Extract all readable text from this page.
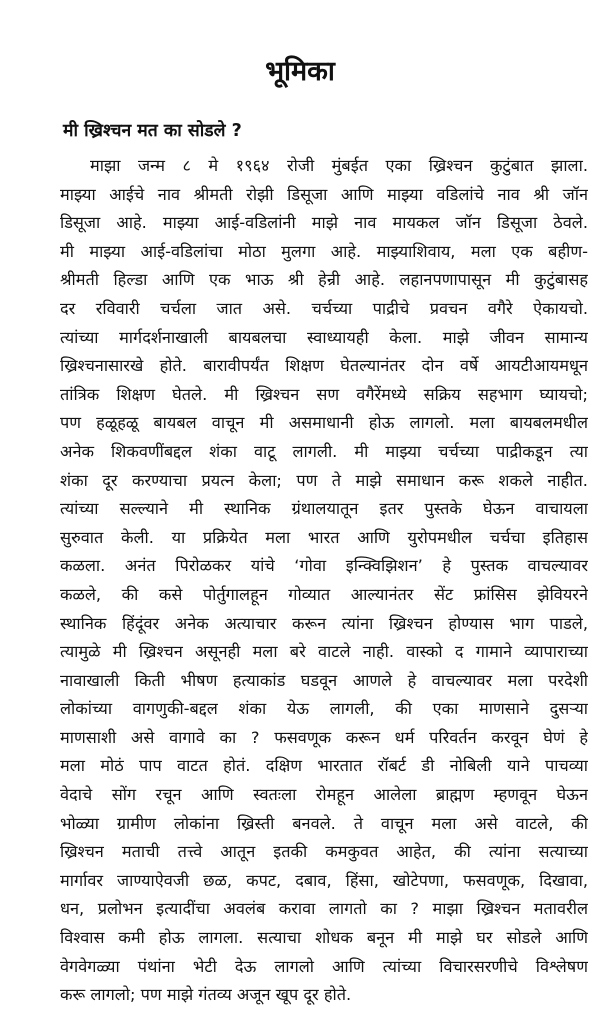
भूमिका
मी ख्रिश्चन मत का सोडले ?
माझा जन्म ८ मे १९६४ रोजी मुंबईत एका ख्रिश्चन कुटुंबात झाला.
माझ्या आईचे नाव श्रीमती रोझी डिसूजा आणि माझ्या वडिलांचे नाव श्री जॉन
डिसूजा आहे. माझ्या आई-वडिलांनी माझे नाव मायकल जॉन डिसूजा ठेवले.
मी माझ्या आई-वडिलांचा मोठा मुलगा आहे. माझ्याशिवाय, मला एक बहीण-
श्रीमती हिल्डा आणि एक भाऊ श्री हेन्री आहे. लहानपणापासून मी कुटुंबासह
दर रविवारी चर्चला जात असे. चर्चच्या पाद्रीचे प्रवचन वगैरे ऐकायचो.
त्यांच्या मार्गदर्शनाखाली बायबलचा स्वाध्यायही केला. माझे जीवन सामान्य
ख्रिश्चनासारखे होते. बारावीपर्यंत शिक्षण घेतल्यानंतर दोन वर्षे आयटीआयमधून
तांत्रिक शिक्षण घेतले. मी ख्रिश्चन सण वगैरेंमध्ये सक्रिय सहभाग घ्यायचो;
पण हळूहळू बायबल वाचून मी असमाधानी होऊ लागलो. मला बायबलमधील
अनेक शिकवणींबद्दल शंका वाटू लागली. मी माझ्या चर्चच्या पाद्रीकडून त्या
शंका दूर करण्याचा प्रयत्न केला; पण ते माझे समाधान करू शकले नाहीत.
त्यांच्या सल्ल्याने मी स्थानिक ग्रंथालयातून इतर पुस्तके घेऊन वाचायला
सुरुवात केली. या प्रक्रियेत मला भारत आणि युरोपमधील चर्चचा इतिहास
कळला. अनंत पिरोळकर यांचे ‘गोवा इन्क्विझिशन’ हे पुस्तक वाचल्यावर
कळले, की कसे पोर्तुगालहून गोव्यात आल्यानंतर सेंट फ्रांसिस झेवियरने
स्थानिक हिंदूंवर अनेक अत्याचार करून त्यांना ख्रिश्चन होण्यास भाग पाडले,
त्यामुळे मी ख्रिश्चन असूनही मला बरे वाटले नाही. वास्को द गामाने व्यापाराच्या
नावाखाली किती भीषण हत्याकांड घडवून आणले हे वाचल्यावर मला परदेशी
लोकांच्या वागणुकी-बद्दल शंका येऊ लागली, की एका माणसाने दुसऱ्या
माणसाशी असे वागावे का ? फसवणूक करून धर्म परिवर्तन करवून घेणं हे
मला मोठं पाप वाटत होतं. दक्षिण भारतात रॉबर्ट डी नोबिली याने पाचव्या
वेदाचे सोंग रचून आणि स्वतःला रोमहून आलेला ब्राह्मण म्हणवून घेऊन
भोळ्या ग्रामीण लोकांना ख्रिस्ती बनवले. ते वाचून मला असे वाटले, की
ख्रिश्चन मताची तत्त्वे आतून इतकी कमकुवत आहेत, की त्यांना सत्याच्या
मार्गावर जाण्याऐवजी छळ, कपट, दबाव, हिंसा, खोटेपणा, फसवणूक, दिखावा,
धन, प्रलोभन इत्यादींचा अवलंब करावा लागतो का ? माझा ख्रिश्चन मतावरील
विश्वास कमी होऊ लागला. सत्याचा शोधक बनून मी माझे घर सोडले आणि
वेगवेगळ्या पंथांना भेटी देऊ लागलो आणि त्यांच्या विचारसरणीचे विश्लेषण
करू लागलो; पण माझे गंतव्य अजून खूप दूर होते.
